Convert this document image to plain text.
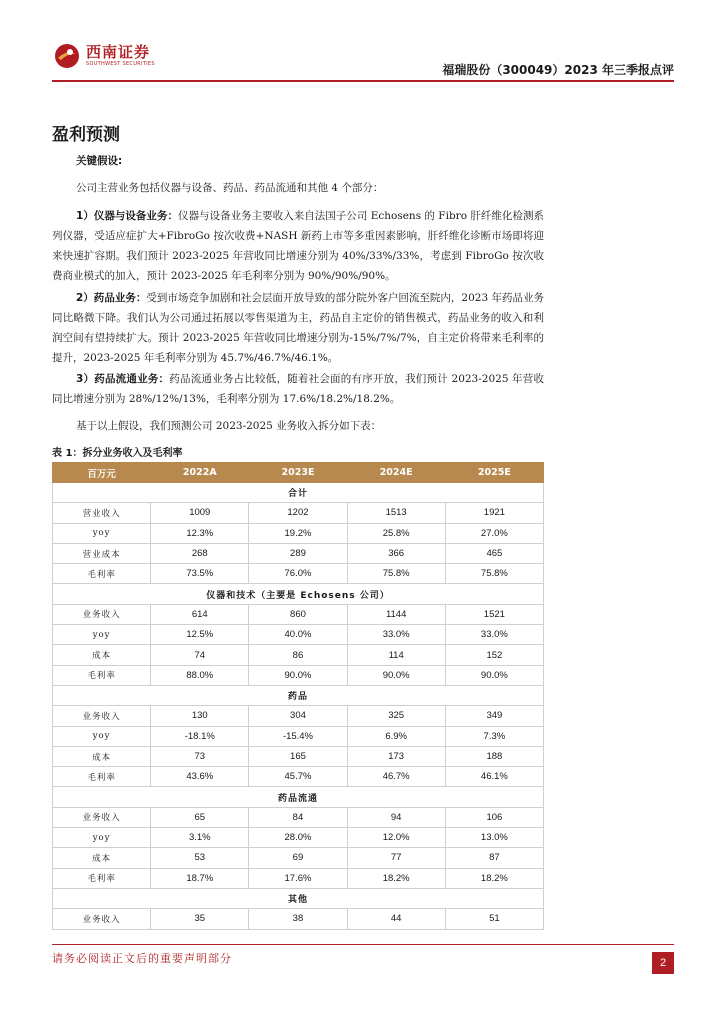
西南证券
SOUTHWEST SECURITIES	福瑞股份（300049）2023 年三季报点评
盈利预测
关键假设:
公司主营业务包括仪器与设备、药品、药品流通和其他 4 个部分：
1）仪器与设备业务：仪器与设备业务主要收入来自法国子公司 Echosens 的 Fibro 肝纤维化检测系列仪器，受适应症扩大+FibroGo 按次收费+NASH 新药上市等多重因素影响，肝纤维化诊断市场即将迎来快速扩容期。我们预计 2023-2025 年营收同比增速分别为 40%/33%/33%，考虑到 FibroGo 按次收费商业模式的加入，预计 2023-2025 年毛利率分别为 90%/90%/90%。
2）药品业务：受到市场竞争加剧和社会层面开放导致的部分院外客户回流至院内，2023 年药品业务同比略微下降。我们认为公司通过拓展以零售渠道为主，药品自主定价的销售模式，药品业务的收入和利润空间有望持续扩大。预计 2023-2025 年营收同比增速分别为-15%/7%/7%，自主定价将带来毛利率的提升，2023-2025 年毛利率分别为 45.7%/46.7%/46.1%。
3）药品流通业务：药品流通业务占比较低，随着社会面的有序开放，我们预计 2023-2025 年营收同比增速分别为 28%/12%/13%，毛利率分别为 17.6%/18.2%/18.2%。
基于以上假设，我们预测公司 2023-2025 业务收入拆分如下表：
表 1：拆分业务收入及毛利率
百万元	2022A	2023E	2024E	2025E
合计				
营业收入	1009	1202	1513	1921
yoy	12.3%	19.2%	25.8%	27.0%
营业成本	268	289	366	465
毛利率	73.5%	76.0%	75.8%	75.8%
仪器和技术（主要是 Echosens 公司）				
业务收入	614	860	1144	1521
yoy	12.5%	40.0%	33.0%	33.0%
成本	74	86	114	152
毛利率	88.0%	90.0%	90.0%	90.0%
药品				
业务收入	130	304	325	349
yoy	-18.1%	-15.4%	6.9%	7.3%
成本	73	165	173	188
毛利率	43.6%	45.7%	46.7%	46.1%
药品流通				
业务收入	65	84	94	106
yoy	3.1%	28.0%	12.0%	13.0%
成本	53	69	77	87
毛利率	18.7%	17.6%	18.2%	18.2%
其他				
业务收入	35	38	44	51
请务必阅读正文后的重要声明部分	2
